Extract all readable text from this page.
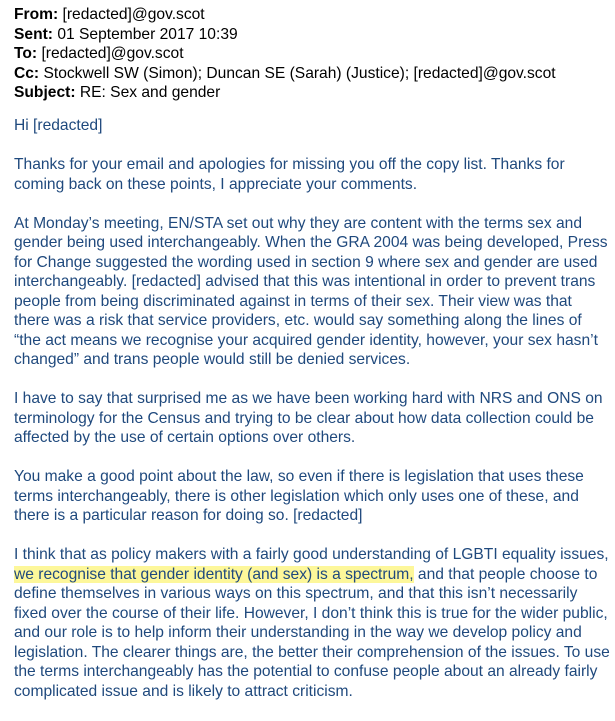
From: [redacted]@gov.scot
Sent: 01 September 2017 10:39
To: [redacted]@gov.scot
Cc: Stockwell SW (Simon); Duncan SE (Sarah) (Justice); [redacted]@gov.scot
Subject: RE: Sex and gender

Hi [redacted]

Thanks for your email and apologies for missing you off the copy list. Thanks for coming back on these points, I appreciate your comments.

At Monday’s meeting, EN/STA set out why they are content with the terms sex and gender being used interchangeably. When the GRA 2004 was being developed, Press for Change suggested the wording used in section 9 where sex and gender are used interchangeably. [redacted] advised that this was intentional in order to prevent trans people from being discriminated against in terms of their sex. Their view was that there was a risk that service providers, etc. would say something along the lines of “the act means we recognise your acquired gender identity, however, your sex hasn’t changed” and trans people would still be denied services.

I have to say that surprised me as we have been working hard with NRS and ONS on terminology for the Census and trying to be clear about how data collection could be affected by the use of certain options over others.

You make a good point about the law, so even if there is legislation that uses these terms interchangeably, there is other legislation which only uses one of these, and there is a particular reason for doing so. [redacted]

I think that as policy makers with a fairly good understanding of LGBTI equality issues, we recognise that gender identity (and sex) is a spectrum, and that people choose to define themselves in various ways on this spectrum, and that this isn’t necessarily fixed over the course of their life. However, I don’t think this is true for the wider public, and our role is to help inform their understanding in the way we develop policy and legislation. The clearer things are, the better their comprehension of the issues. To use the terms interchangeably has the potential to confuse people about an already fairly complicated issue and is likely to attract criticism.
